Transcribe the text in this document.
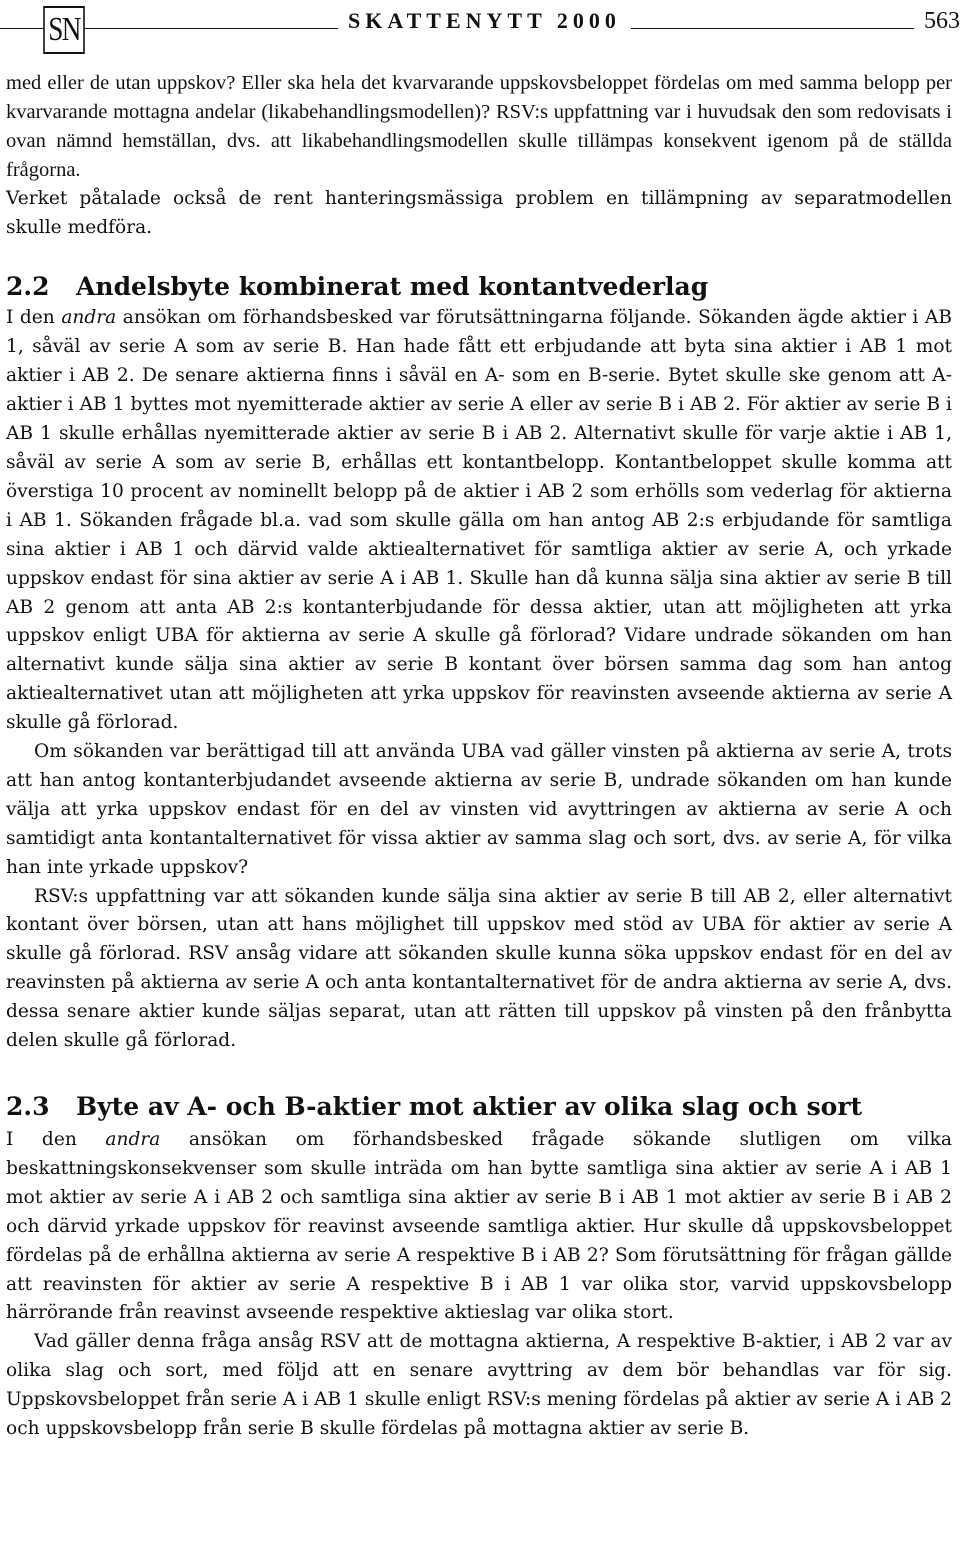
SN	SKATTENYTT 2000	563

med eller de utan uppskov? Eller ska hela det kvarvarande uppskovsbeloppet fördelas om med samma belopp per kvarvarande mottagna andelar (likabehandlingsmodellen)? RSV:s uppfattning var i huvudsak den som redovisats i ovan nämnd hemställan, dvs. att likabehandlingsmodellen skulle tillämpas konsekvent igenom på de ställda frågorna.

Verket påtalade också de rent hanteringsmässiga problem en tillämpning av separatmodellen skulle medföra.

2.2 Andelsbyte kombinerat med kontantvederlag

I den andra ansökan om förhandsbesked var förutsättningarna följande. Sökanden ägde aktier i AB 1, såväl av serie A som av serie B. Han hade fått ett erbjudande att byta sina aktier i AB 1 mot aktier i AB 2. De senare aktierna finns i såväl en A- som en B-serie. Bytet skulle ske genom att A-aktier i AB 1 byttes mot nyemitterade aktier av serie A eller av serie B i AB 2. För aktier av serie B i AB 1 skulle erhållas nyemitterade aktier av serie B i AB 2. Alternativt skulle för varje aktie i AB 1, såväl av serie A som av serie B, erhållas ett kontantbelopp. Kontantbeloppet skulle komma att överstiga 10 procent av nominellt belopp på de aktier i AB 2 som erhölls som vederlag för aktierna i AB 1. Sökanden frågade bl.a. vad som skulle gälla om han antog AB 2:s erbjudande för samtliga sina aktier i AB 1 och därvid valde aktiealternativet för samtliga aktier av serie A, och yrkade uppskov endast för sina aktier av serie A i AB 1. Skulle han då kunna sälja sina aktier av serie B till AB 2 genom att anta AB 2:s kontanterbjudande för dessa aktier, utan att möjligheten att yrka uppskov enligt UBA för aktierna av serie A skulle gå förlorad? Vidare undrade sökanden om han alternativt kunde sälja sina aktier av serie B kontant över börsen samma dag som han antog aktiealternativet utan att möjligheten att yrka uppskov för reavinsten avseende aktierna av serie A skulle gå förlorad.

Om sökanden var berättigad till att använda UBA vad gäller vinsten på aktierna av serie A, trots att han antog kontanterbjudandet avseende aktierna av serie B, undrade sökanden om han kunde välja att yrka uppskov endast för en del av vinsten vid avyttringen av aktierna av serie A och samtidigt anta kontantalternativet för vissa aktier av samma slag och sort, dvs. av serie A, för vilka han inte yrkade uppskov?

RSV:s uppfattning var att sökanden kunde sälja sina aktier av serie B till AB 2, eller alternativt kontant över börsen, utan att hans möjlighet till uppskov med stöd av UBA för aktier av serie A skulle gå förlorad. RSV ansåg vidare att sökanden skulle kunna söka uppskov endast för en del av reavinsten på aktierna av serie A och anta kontantalternativet för de andra aktierna av serie A, dvs. dessa senare aktier kunde säljas separat, utan att rätten till uppskov på vinsten på den frånbytta delen skulle gå förlorad.

2.3 Byte av A- och B-aktier mot aktier av olika slag och sort

I den andra ansökan om förhandsbesked frågade sökande slutligen om vilka beskattningskonsekvenser som skulle inträda om han bytte samtliga sina aktier av serie A i AB 1 mot aktier av serie A i AB 2 och samtliga sina aktier av serie B i AB 1 mot aktier av serie B i AB 2 och därvid yrkade uppskov för reavinst avseende samtliga aktier. Hur skulle då uppskovsbeloppet fördelas på de erhållna aktierna av serie A respektive B i AB 2? Som förutsättning för frågan gällde att reavinsten för aktier av serie A respektive B i AB 1 var olika stor, varvid uppskovsbelopp härrörande från reavinst avseende respektive aktieslag var olika stort.

Vad gäller denna fråga ansåg RSV att de mottagna aktierna, A respektive B-aktier, i AB 2 var av olika slag och sort, med följd att en senare avyttring av dem bör behandlas var för sig. Uppskovsbeloppet från serie A i AB 1 skulle enligt RSV:s mening fördelas på aktier av serie A i AB 2 och uppskovsbelopp från serie B skulle fördelas på mottagna aktier av serie B.
